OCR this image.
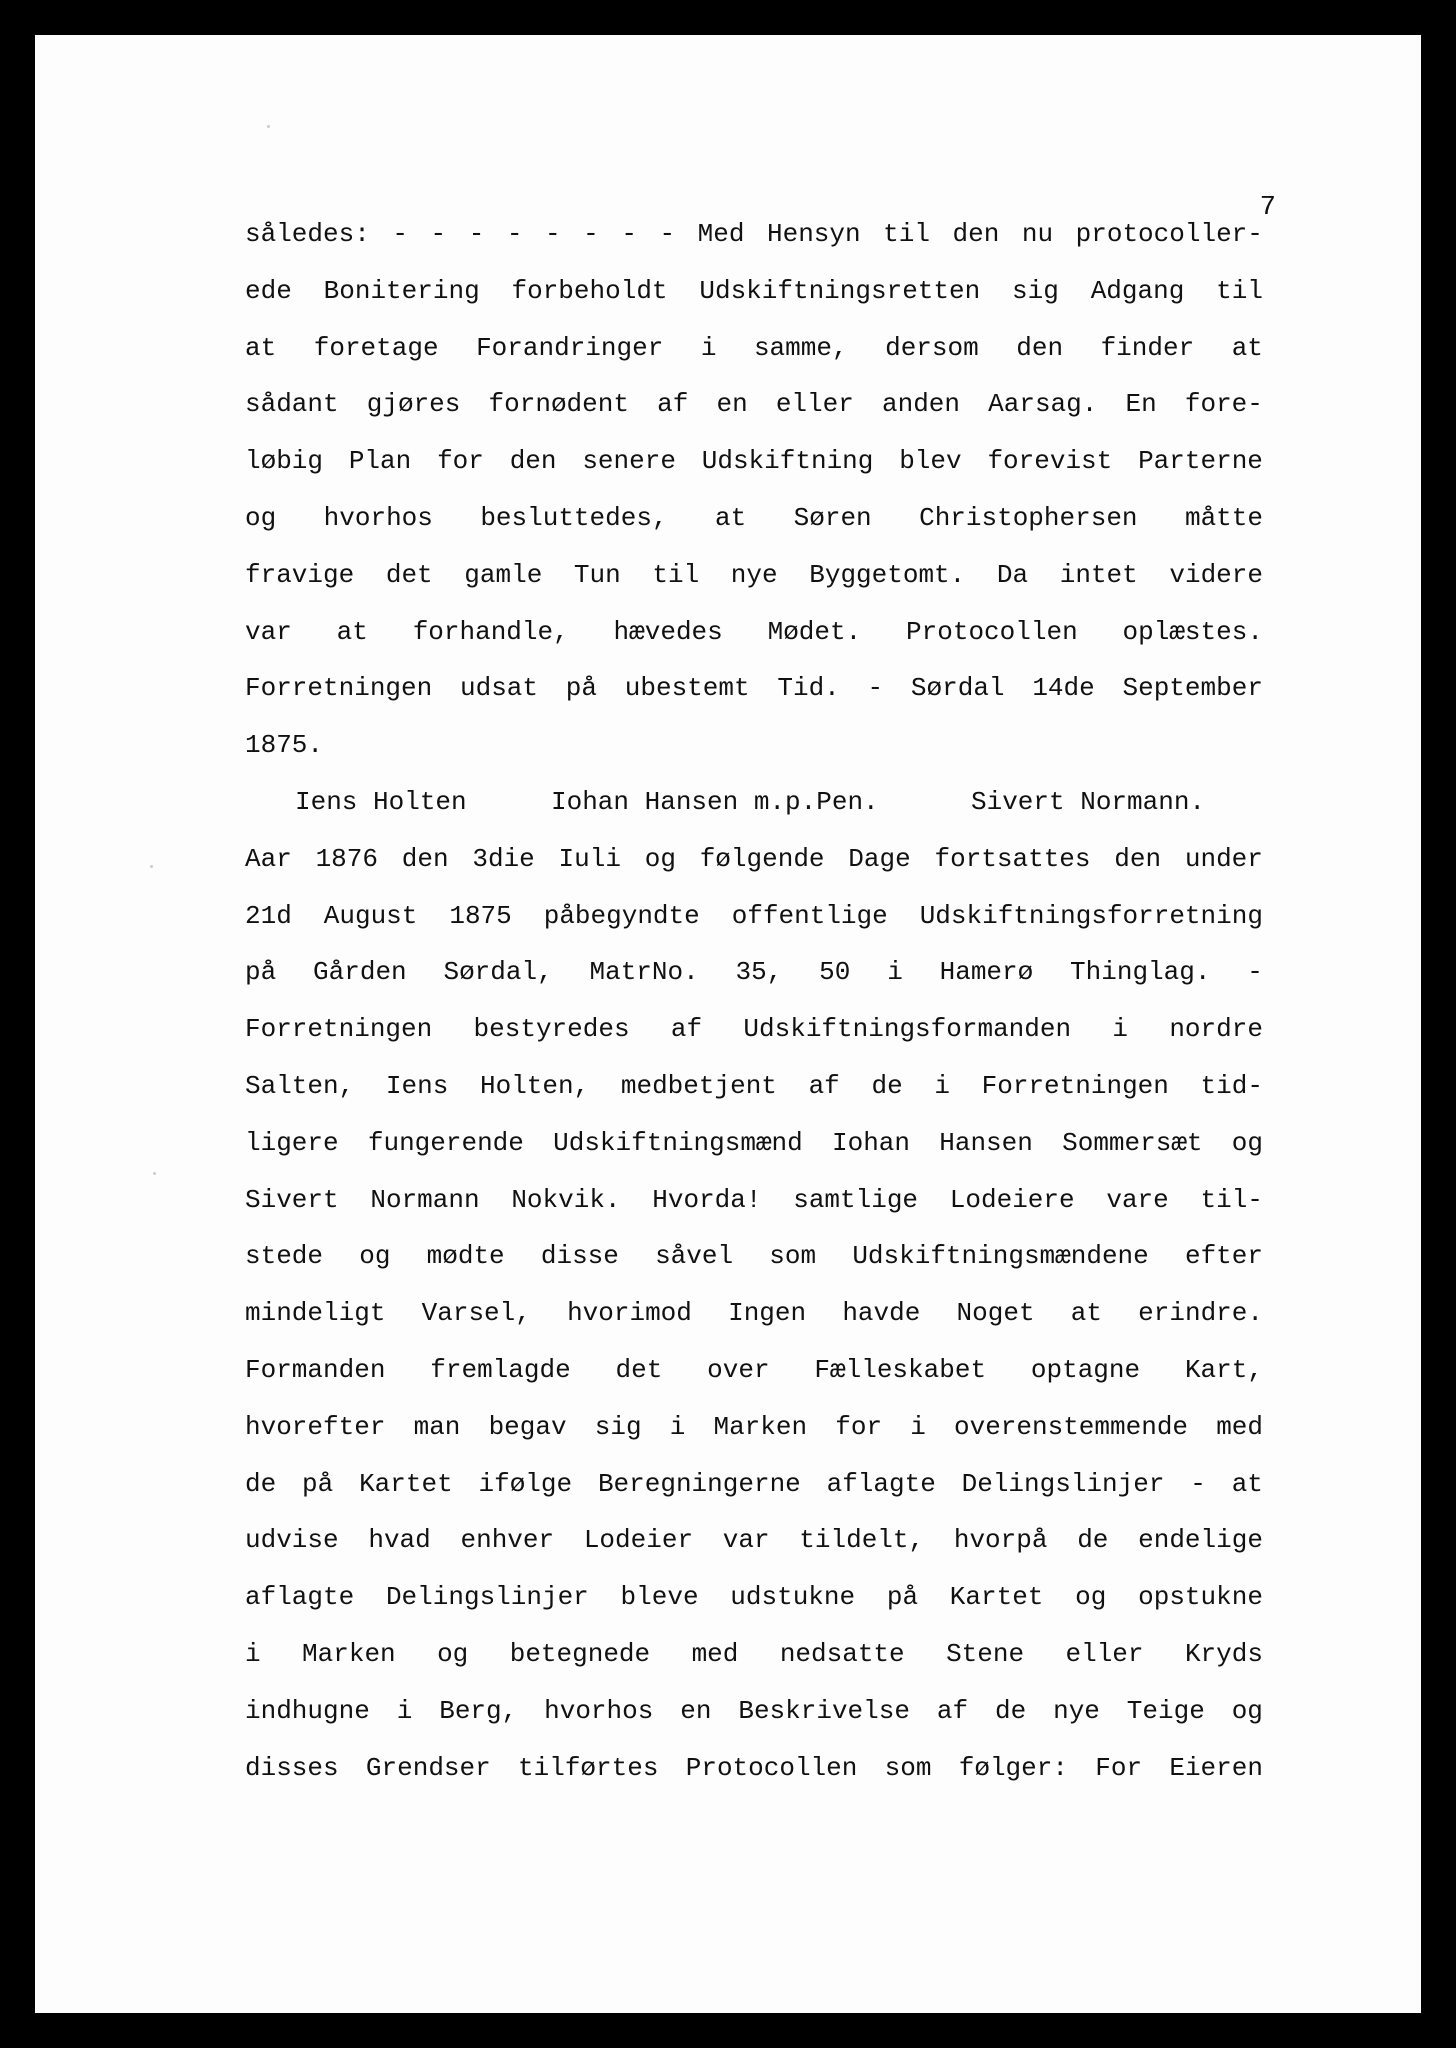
7
således: - - - - - - - - Med Hensyn til den nu protocoller-
ede Bonitering forbeholdt Udskiftningsretten sig Adgang til
at foretage Forandringer i samme, dersom den finder at
sådant gjøres fornødent af en eller anden Aarsag. En fore-
løbig Plan for den senere Udskiftning blev forevist Parterne
og hvorhos besluttedes, at Søren Christophersen måtte
fravige det gamle Tun til nye Byggetomt. Da intet videre
var at forhandle, hævedes Mødet. Protocollen oplæstes.
Forretningen udsat på ubestemt Tid. - Sørdal 14de September
1875.
Iens Holten	Iohan Hansen m.p.Pen.	Sivert Normann.
Aar 1876 den 3die Iuli og følgende Dage fortsattes den under
21d August 1875 påbegyndte offentlige Udskiftningsforretning
på Gården Sørdal, MatrNo. 35, 50 i Hamerø Thinglag. -
Forretningen bestyredes af Udskiftningsformanden i nordre
Salten, Iens Holten, medbetjent af de i Forretningen tid-
ligere fungerende Udskiftningsmænd Iohan Hansen Sommersæt og
Sivert Normann Nokvik. Hvorda! samtlige Lodeiere vare til-
stede og mødte disse såvel som Udskiftningsmændene efter
mindeligt Varsel, hvorimod Ingen havde Noget at erindre.
Formanden fremlagde det over Fælleskabet optagne Kart,
hvorefter man begav sig i Marken for i overenstemmende med
de på Kartet ifølge Beregningerne aflagte Delingslinjer - at
udvise hvad enhver Lodeier var tildelt, hvorpå de endelige
aflagte Delingslinjer bleve udstukne på Kartet og opstukne
i Marken og betegnede med nedsatte Stene eller Kryds
indhugne i Berg, hvorhos en Beskrivelse af de nye Teige og
disses Grendser tilførtes Protocollen som følger: For Eieren
